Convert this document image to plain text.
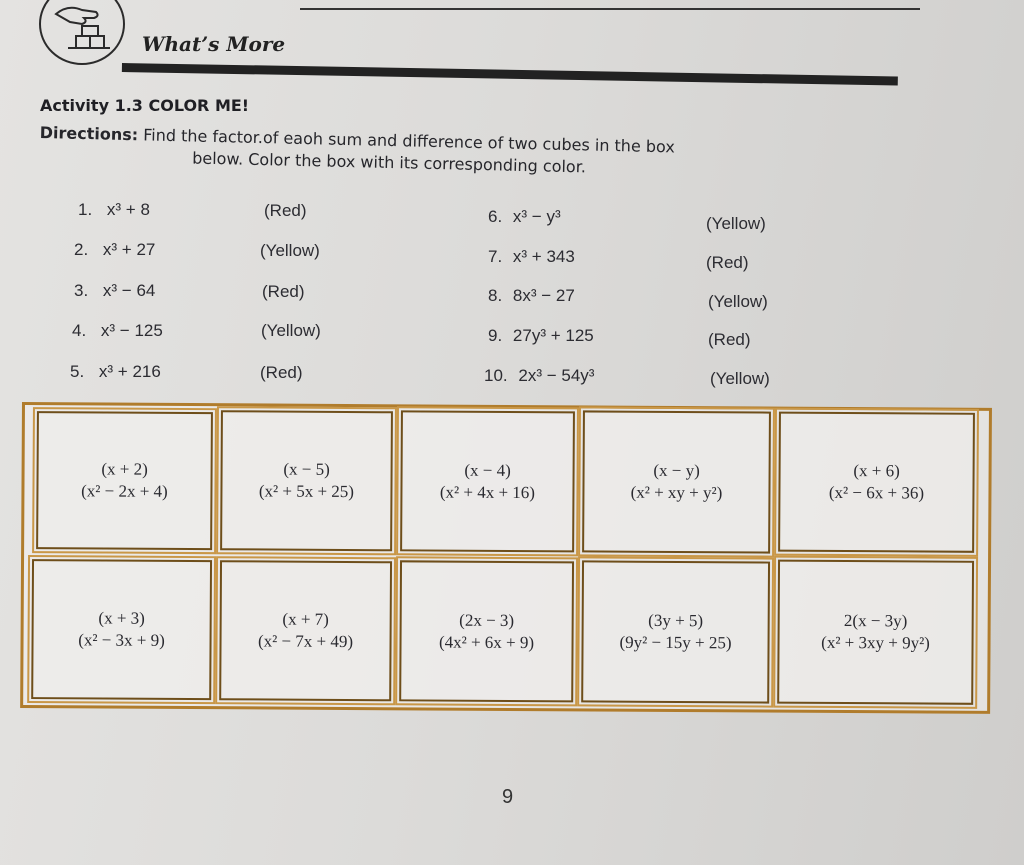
What’s More
Activity 1.3 COLOR ME!
Directions: Find the factor.of eaoh sum and difference of two cubes in the box
below. Color the box with its corresponding color.
1. x³ + 8	(Red)
2. x³ + 27	(Yellow)
3. x³ − 64	(Red)
4. x³ − 125	(Yellow)
5. x³ + 216	(Red)
6. x³ − y³	(Yellow)
7. x³ + 343	(Red)
8. 8x³ − 27	(Yellow)
9. 27y³ + 125	(Red)
10. 2x³ − 54y³	(Yellow)
(x + 2)
(x² − 2x + 4)
(x − 5)
(x² + 5x + 25)
(x − 4)
(x² + 4x + 16)
(x − y)
(x² + xy + y²)
(x + 6)
(x² − 6x + 36)
(x + 3)
(x² − 3x + 9)
(x + 7)
(x² − 7x + 49)
(2x − 3)
(4x² + 6x + 9)
(3y + 5)
(9y² − 15y + 25)
2(x − 3y)
(x² + 3xy + 9y²)
9
